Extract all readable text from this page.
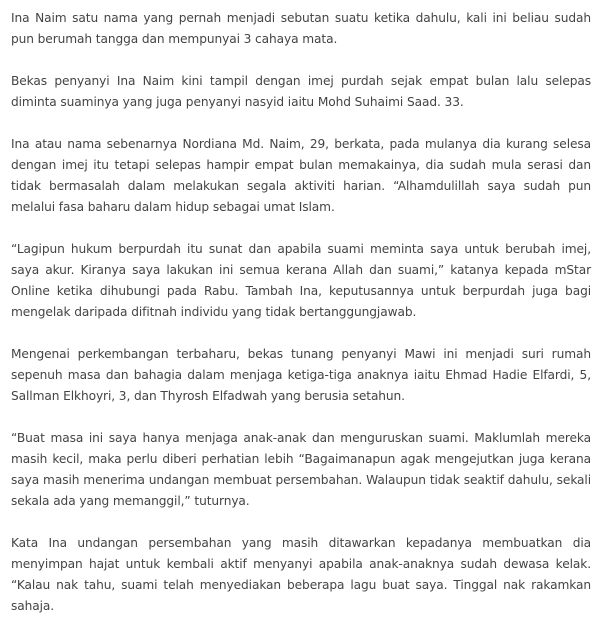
Ina Naim satu nama yang pernah menjadi sebutan suatu ketika dahulu, kali ini beliau sudah pun berumah tangga dan mempunyai 3 cahaya mata.

Bekas penyanyi Ina Naim kini tampil dengan imej purdah sejak empat bulan lalu selepas diminta suaminya yang juga penyanyi nasyid iaitu Mohd Suhaimi Saad. 33.

Ina atau nama sebenarnya Nordiana Md. Naim, 29, berkata, pada mulanya dia kurang selesa dengan imej itu tetapi selepas hampir empat bulan memakainya, dia sudah mula serasi dan tidak bermasalah dalam melakukan segala aktiviti harian. “Alhamdulillah saya sudah pun melalui fasa baharu dalam hidup sebagai umat Islam.

“Lagipun hukum berpurdah itu sunat dan apabila suami meminta saya untuk berubah imej, saya akur. Kiranya saya lakukan ini semua kerana Allah dan suami,” katanya kepada mStar Online ketika dihubungi pada Rabu. Tambah Ina, keputusannya untuk berpurdah juga bagi mengelak daripada difitnah individu yang tidak bertanggungjawab.

Mengenai perkembangan terbaharu, bekas tunang penyanyi Mawi ini menjadi suri rumah sepenuh masa dan bahagia dalam menjaga ketiga-tiga anaknya iaitu Ehmad Hadie Elfardi, 5, Sallman Elkhoyri, 3, dan Thyrosh Elfadwah yang berusia setahun.

“Buat masa ini saya hanya menjaga anak-anak dan menguruskan suami. Maklumlah mereka masih kecil, maka perlu diberi perhatian lebih “Bagaimanapun agak mengejutkan juga kerana saya masih menerima undangan membuat persembahan. Walaupun tidak seaktif dahulu, sekali sekala ada yang memanggil,” tuturnya.

Kata Ina undangan persembahan yang masih ditawarkan kepadanya membuatkan dia menyimpan hajat untuk kembali aktif menyanyi apabila anak-anaknya sudah dewasa kelak. “Kalau nak tahu, suami telah menyediakan beberapa lagu buat saya. Tinggal nak rakamkan sahaja.
